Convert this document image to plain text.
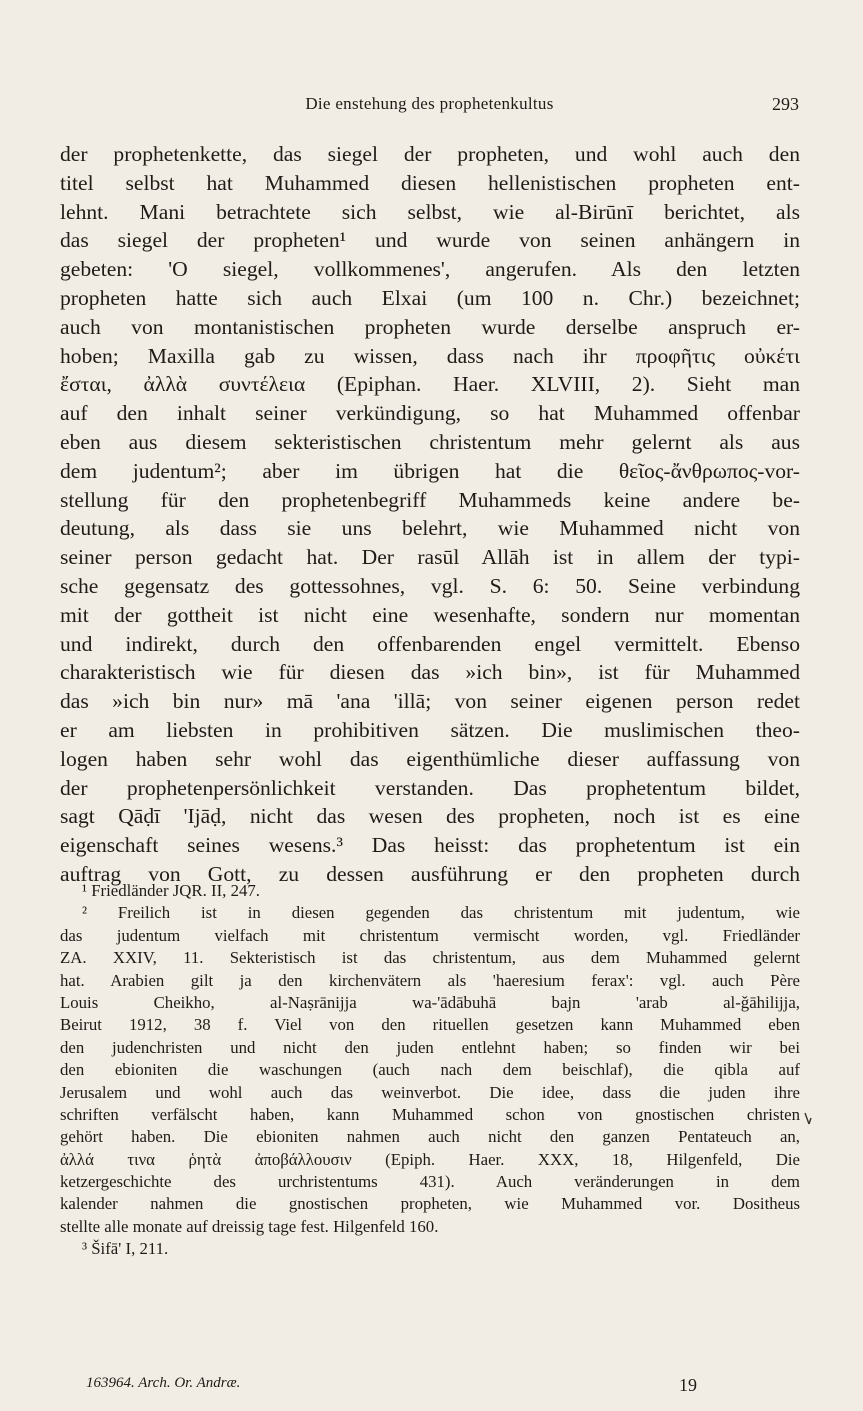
Die enstehung des prophetenkultus	293
der prophetenkette, das siegel der propheten, und wohl auch den
titel selbst hat Muhammed diesen hellenistischen propheten ent-
lehnt. Mani betrachtete sich selbst, wie al-Birūnī berichtet, als
das siegel der propheten¹ und wurde von seinen anhängern in
gebeten: 'O siegel, vollkommenes', angerufen. Als den letzten
propheten hatte sich auch Elxai (um 100 n. Chr.) bezeichnet;
auch von montanistischen propheten wurde derselbe anspruch er-
hoben; Maxilla gab zu wissen, dass nach ihr προφῆτις οὐκέτι
ἔσται, ἀλλὰ συντέλεια (Epiphan. Haer. XLVIII, 2). Sieht man
auf den inhalt seiner verkündigung, so hat Muhammed offenbar
eben aus diesem sekteristischen christentum mehr gelernt als aus
dem judentum²; aber im übrigen hat die θεῖος-ἄνθρωπος-vor-
stellung für den prophetenbegriff Muhammeds keine andere be-
deutung, als dass sie uns belehrt, wie Muhammed nicht von
seiner person gedacht hat. Der rasūl Allāh ist in allem der typi-
sche gegensatz des gottessohnes, vgl. S. 6: 50. Seine verbindung
mit der gottheit ist nicht eine wesenhafte, sondern nur momentan
und indirekt, durch den offenbarenden engel vermittelt. Ebenso
charakteristisch wie für diesen das »ich bin», ist für Muhammed
das »ich bin nur» mā 'ana 'illā; von seiner eigenen person redet
er am liebsten in prohibitiven sätzen. Die muslimischen theo-
logen haben sehr wohl das eigenthümliche dieser auffassung von
der prophetenpersönlichkeit verstanden. Das prophetentum bildet,
sagt Qāḍī 'Ijāḍ, nicht das wesen des propheten, noch ist es eine
eigenschaft seines wesens.³ Das heisst: das prophetentum ist ein
auftrag von Gott, zu dessen ausführung er den propheten durch
¹ Friedländer JQR. II, 247.
² Freilich ist in diesen gegenden das christentum mit judentum, wie
das judentum vielfach mit christentum vermischt worden, vgl. Friedländer
ZA. XXIV, 11. Sekteristisch ist das christentum, aus dem Muhammed gelernt
hat. Arabien gilt ja den kirchenvätern als 'haeresium ferax': vgl. auch Père
Louis Cheikho, al-Naṣrānijja wa-'ādābuhā bajn 'arab al-ǧāhilijja,
Beirut 1912, 38 f. Viel von den rituellen gesetzen kann Muhammed eben
den judenchristen und nicht den juden entlehnt haben; so finden wir bei
den ebioniten die waschungen (auch nach dem beischlaf), die qibla auf
Jerusalem und wohl auch das weinverbot. Die idee, dass die juden ihre
schriften verfälscht haben, kann Muhammed schon von gnostischen christen
gehört haben. Die ebioniten nahmen auch nicht den ganzen Pentateuch an,
ἀλλά τινα ῥητὰ ἀποβάλλουσιν (Epiph. Haer. XXX, 18, Hilgenfeld, Die
ketzergeschichte des urchristentums 431). Auch veränderungen in dem
kalender nahmen die gnostischen propheten, wie Muhammed vor. Dositheus
stellte alle monate auf dreissig tage fest. Hilgenfeld 160.
³ Šifā' I, 211.
163964. Arch. Or. Andræ.	19
